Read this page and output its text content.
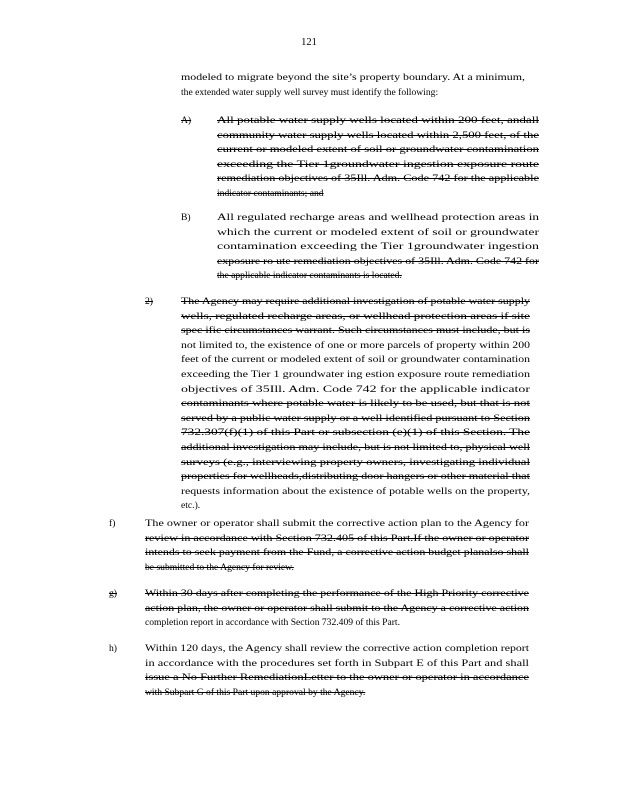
121
modeled to migrate beyond the site’s property boundary. At a minimum,
the extended water supply well survey must identify the following:
A)	All potable water supply wells located within 200 feet, andall
community water supply wells located within 2,500 feet, of the
current or modeled extent of soil or groundwater contamination
exceeding the Tier 1groundwater ingestion exposure route
remediation objectives of 35Ill. Adm. Code 742 for the applicable
indicator contaminants; and
B)	All regulated recharge areas and wellhead protection areas in
which the current or modeled extent of soil or groundwater
contamination exceeding the Tier 1groundwater ingestion
exposure ro ute remediation objectives of 35Ill. Adm. Code 742 for
the applicable indicator contaminants is located.
2)	The Agency may require additional investigation of potable water supply
wells, regulated recharge areas, or wellhead protection areas if site
spec ific circumstances warrant. Such circumstances must include, but is
not limited to, the existence of one or more parcels of property within 200
feet of the current or modeled extent of soil or groundwater contamination
exceeding the Tier 1 groundwater ing estion exposure route remediation
objectives of 35Ill. Adm. Code 742 for the applicable indicator
contaminants where potable water is likely to be used, but that is not
served by a public water supply or a well identified pursuant to Section
732.307(f)(1) of this Part or subsection (e)(1) of this Section. The
additional investigation may include, but is not limited to, physical well
surveys (e.g., interviewing property owners, investigating individual
properties for wellheads,distributing door hangers or other material that
requests information about the existence of potable wells on the property,
etc.).
f)	The owner or operator shall submit the corrective action plan to the Agency for
review in accordance with Section 732.405 of this Part.If the owner or operator
intends to seek payment from the Fund, a corrective action budget planalso shall
be submitted to the Agency for review.
g)	Within 30 days after completing the performance of the High Priority corrective
action plan, the owner or operator shall submit to the Agency a corrective action
completion report in accordance with Section 732.409 of this Part.
h)	Within 120 days, the Agency shall review the corrective action completion report
in accordance with the procedures set forth in Subpart E of this Part and shall
issue a No Further RemediationLetter to the owner or operator in accordance
with Subpart G of this Part upon approval by the Agency.
